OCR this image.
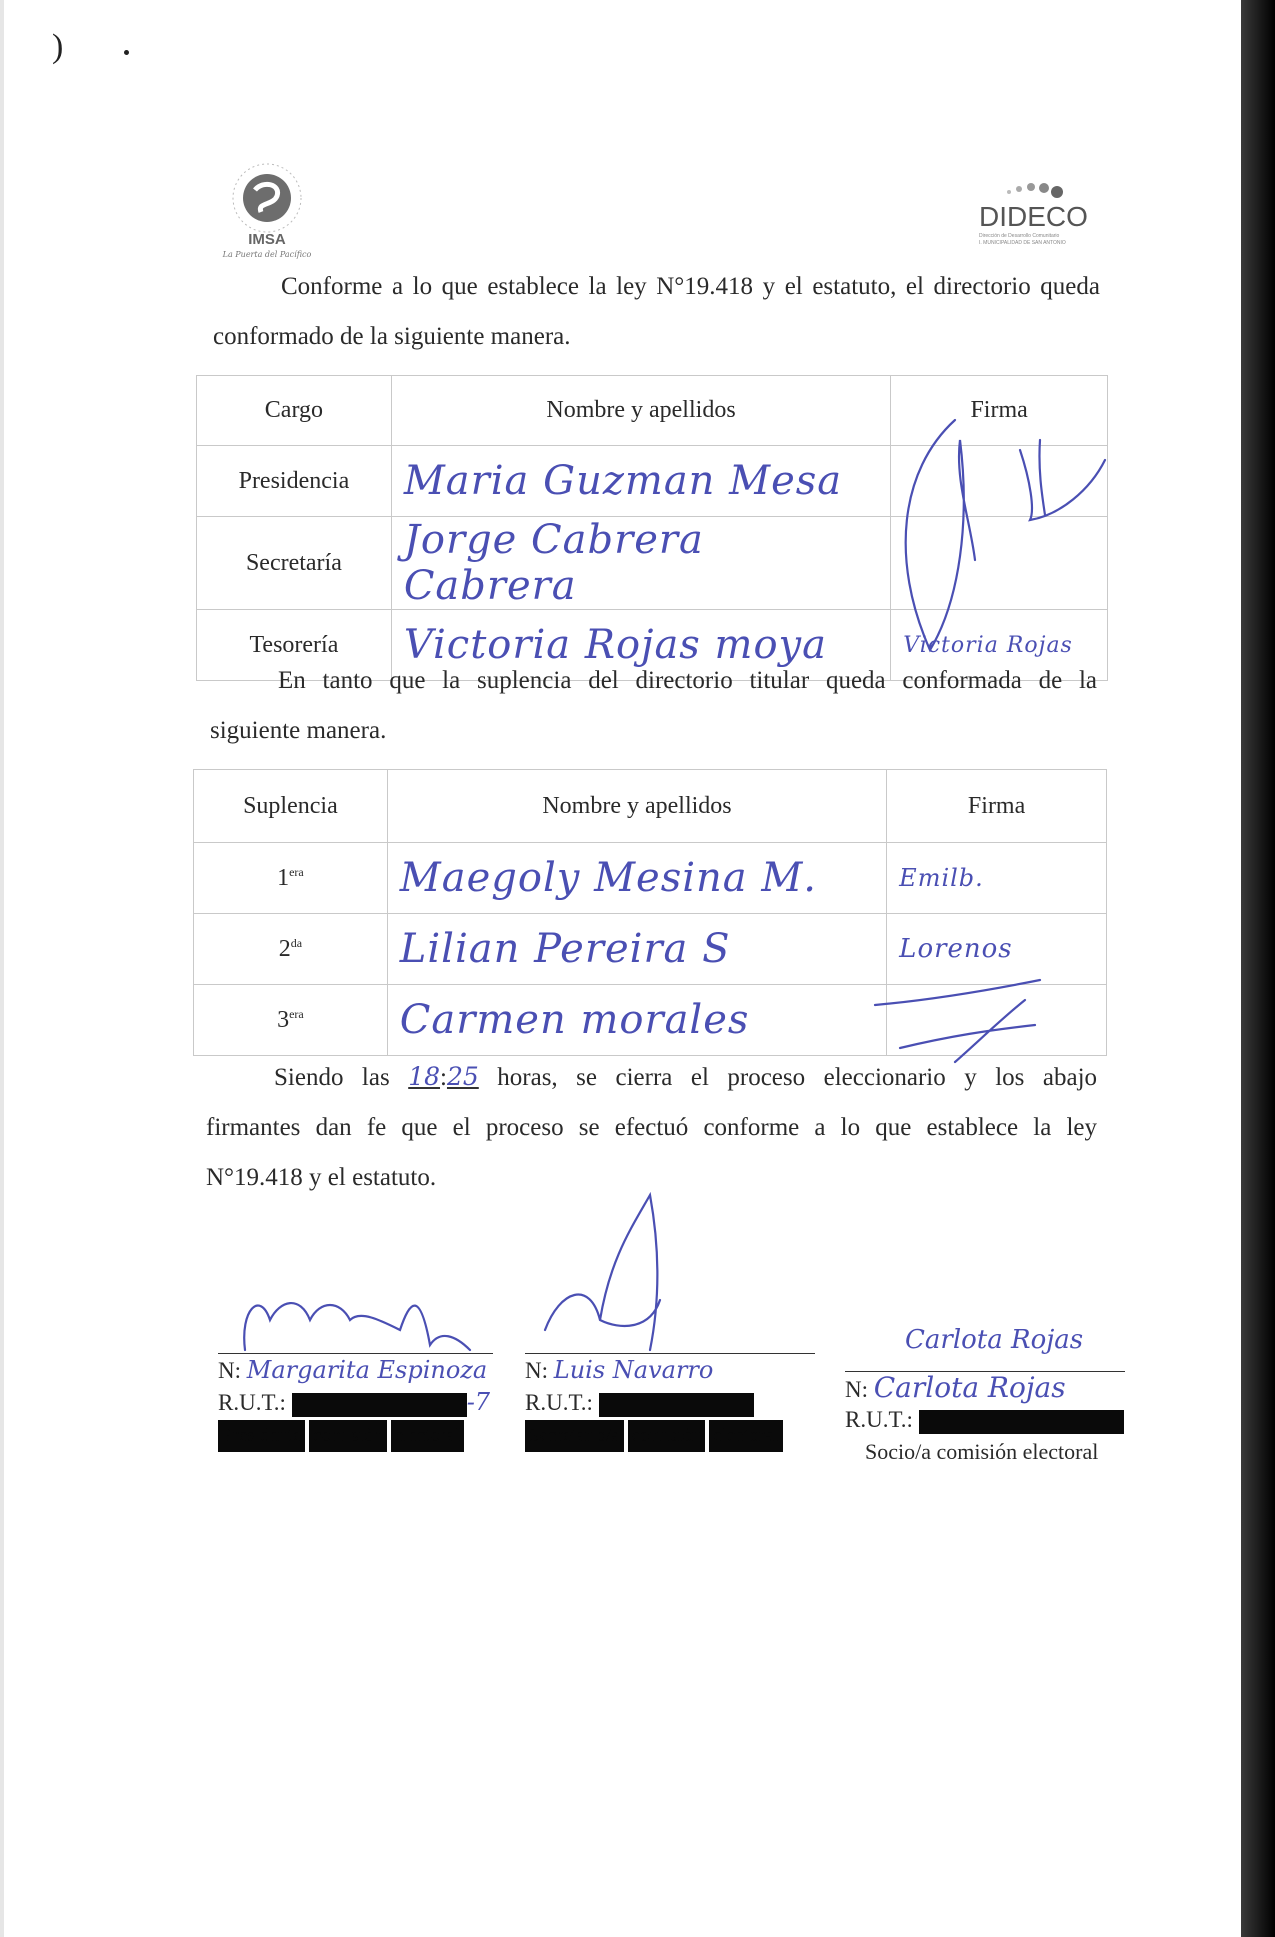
)
IMSA
La Puerta del Pacífico
DIDECO
Dirección de Desarrollo Comunitario
I. MUNICIPALIDAD DE SAN ANTONIO
Conforme a lo que establece la ley N°19.418 y el estatuto, el directorio queda
conformado de la siguiente manera.
Cargo	Nombre y apellidos	Firma
Presidencia	Maria Guzman Mesa	
Secretaría	Jorge Cabrera Cabrera	
Tesorería	Victoria Rojas moya	Victoria Rojas
En tanto que la suplencia del directorio titular queda conformada de la
siguiente manera.
Suplencia	Nombre y apellidos	Firma
$1^{era}$	Maegoly Mesina M.	Emilb.
$2^{da}$	Lilian Pereira S	Lorenos
$3^{era}$	Carmen morales	
Siendo las 18:25 horas, se cierra el proceso eleccionario y los abajo
firmantes dan fe que el proceso se efectuó conforme a lo que establece la ley
N°19.418 y el estatuto.
N: Margarita Espinoza
R.U.T.:	-7
Presidente comisión electoral
N: Luis Navarro
R.U.T.:
Secretario/a comisión electoral
Carlota Rojas
N: Carlota Rojas
R.U.T.:
Socio/a comisión electoral
